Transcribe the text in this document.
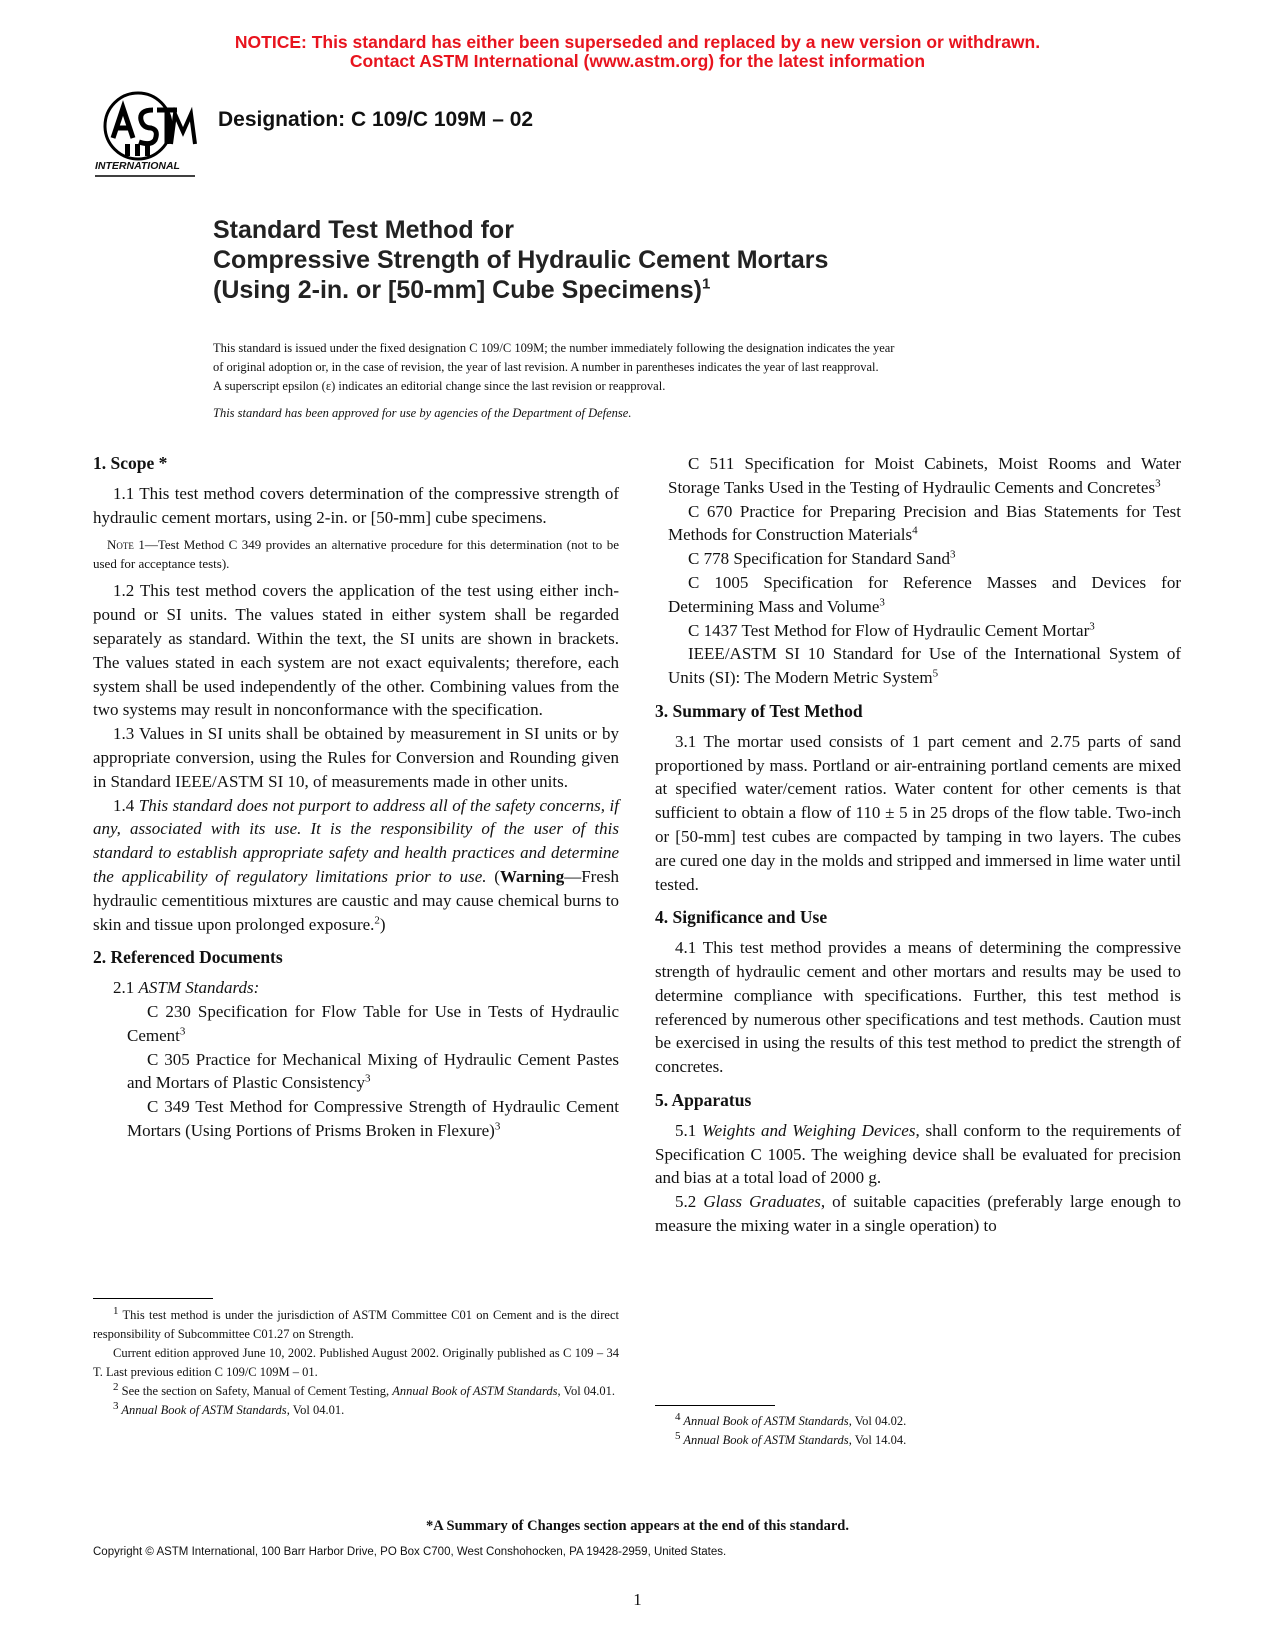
NOTICE: This standard has either been superseded and replaced by a new version or withdrawn.
Contact ASTM International (www.astm.org) for the latest information
INTERNATIONAL
Designation: C 109/C 109M – 02
Standard Test Method for
Compressive Strength of Hydraulic Cement Mortars
(Using 2-in. or [50-mm] Cube Specimens)$^1$

This standard is issued under the fixed designation C 109/C 109M; the number immediately following the designation indicates the year

of original adoption or, in the case of revision, the year of last revision. A number in parentheses indicates the year of last reapproval.

A superscript epsilon (ε) indicates an editorial change since the last revision or reapproval.

This standard has been approved for use by agencies of the Department of Defense.
1. Scope *

1.1 This test method covers determination of the compressive strength of hydraulic cement mortars, using 2-in. or [50-mm] cube specimens.

Note 1—Test Method C 349 provides an alternative procedure for this determination (not to be used for acceptance tests).

1.2 This test method covers the application of the test using either inch-pound or SI units. The values stated in either system shall be regarded separately as standard. Within the text, the SI units are shown in brackets. The values stated in each system are not exact equivalents; therefore, each system shall be used independently of the other. Combining values from the two systems may result in nonconformance with the specification.

1.3 Values in SI units shall be obtained by measurement in SI units or by appropriate conversion, using the Rules for Conversion and Rounding given in Standard IEEE/ASTM SI 10, of measurements made in other units.

1.4 This standard does not purport to address all of the safety concerns, if any, associated with its use. It is the responsibility of the user of this standard to establish appropriate safety and health practices and determine the applicability of regulatory limitations prior to use. (Warning—Fresh hydraulic cementitious mixtures are caustic and may cause chemical burns to skin and tissue upon prolonged exposure.$^2$)

2. Referenced Documents

2.1 ASTM Standards:

C 230 Specification for Flow Table for Use in Tests of Hydraulic Cement$^3$

C 305 Practice for Mechanical Mixing of Hydraulic Cement Pastes and Mortars of Plastic Consistency$^3$

C 349 Test Method for Compressive Strength of Hydraulic Cement Mortars (Using Portions of Prisms Broken in Flexure)$^3$

$^1$ This test method is under the jurisdiction of ASTM Committee C01 on Cement and is the direct responsibility of Subcommittee C01.27 on Strength.

Current edition approved June 10, 2002. Published August 2002. Originally published as C 109 – 34 T. Last previous edition C 109/C 109M – 01.

$^2$ See the section on Safety, Manual of Cement Testing, Annual Book of ASTM Standards, Vol 04.01.

$^3$ Annual Book of ASTM Standards, Vol 04.01.

C 511 Specification for Moist Cabinets, Moist Rooms and Water Storage Tanks Used in the Testing of Hydraulic Cements and Concretes$^3$

C 670 Practice for Preparing Precision and Bias Statements for Test Methods for Construction Materials$^4$

C 778 Specification for Standard Sand$^3$

C 1005 Specification for Reference Masses and Devices for Determining Mass and Volume$^3$

C 1437 Test Method for Flow of Hydraulic Cement Mortar$^3$

IEEE/ASTM SI 10 Standard for Use of the International System of Units (SI): The Modern Metric System$^5$

3. Summary of Test Method

3.1 The mortar used consists of 1 part cement and 2.75 parts of sand proportioned by mass. Portland or air-entraining portland cements are mixed at specified water/cement ratios. Water content for other cements is that sufficient to obtain a flow of 110 ± 5 in 25 drops of the flow table. Two-inch or [50-mm] test cubes are compacted by tamping in two layers. The cubes are cured one day in the molds and stripped and immersed in lime water until tested.

4. Significance and Use

4.1 This test method provides a means of determining the compressive strength of hydraulic cement and other mortars and results may be used to determine compliance with specifications. Further, this test method is referenced by numerous other specifications and test methods. Caution must be exercised in using the results of this test method to predict the strength of concretes.

5. Apparatus

5.1 Weights and Weighing Devices, shall conform to the requirements of Specification C 1005. The weighing device shall be evaluated for precision and bias at a total load of 2000 g.

5.2 Glass Graduates, of suitable capacities (preferably large enough to measure the mixing water in a single operation) to

$^4$ Annual Book of ASTM Standards, Vol 04.02.

$^5$ Annual Book of ASTM Standards, Vol 14.04.

*A Summary of Changes section appears at the end of this standard.
Copyright © ASTM International, 100 Barr Harbor Drive, PO Box C700, West Conshohocken, PA 19428-2959, United States.
1
